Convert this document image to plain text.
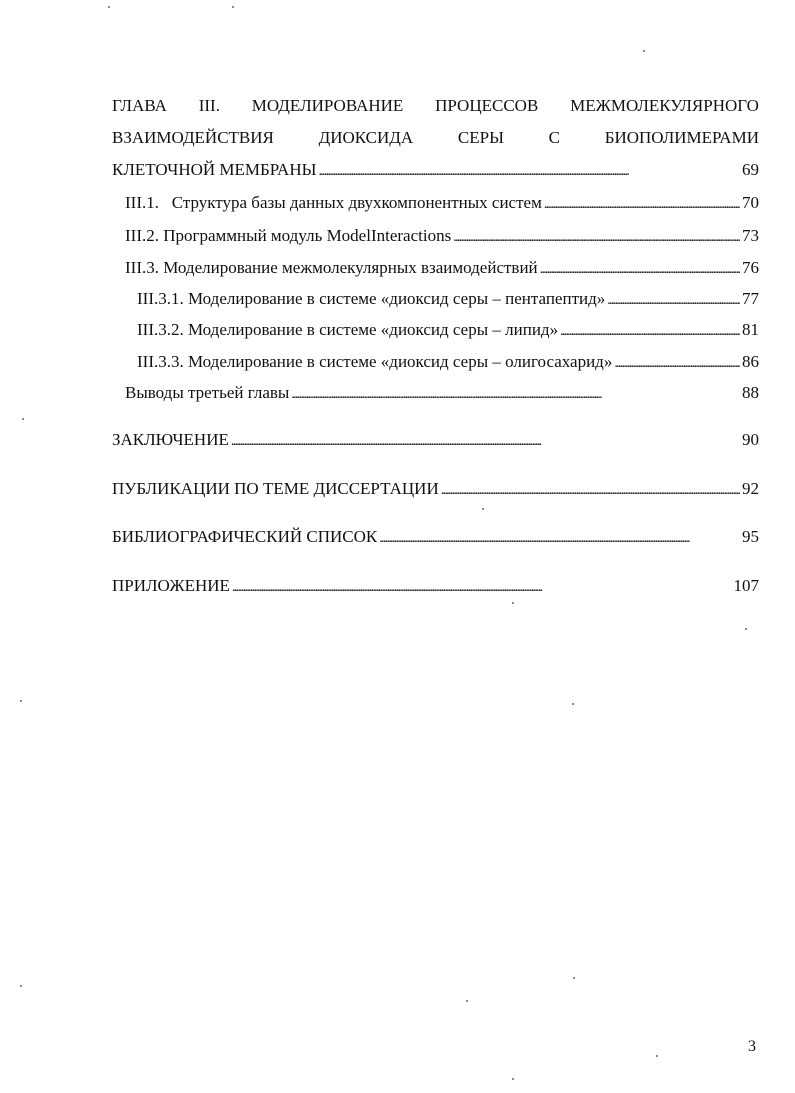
ГЛАВА III. МОДЕЛИРОВАНИЕ ПРОЦЕССОВ МЕЖМОЛЕКУЛЯРНОГО
ВЗАИМОДЕЙСТВИЯ	ДИОКСИДА	СЕРЫ	С	БИОПОЛИМЕРАМИ
КЛЕТОЧНОЙ МЕМБРАНЫ . . .	69
III.1.   Структура базы данных двухкомпонентных систем . . .	70
III.2. Программный модуль ModelInteractions . . .	73
III.3. Моделирование межмолекулярных взаимодействий . . .	76
III.3.1. Моделирование в системе «диоксид серы – пентапептид» . . .	77
III.3.2. Моделирование в системе «диоксид серы – липид» . . .	81
III.3.3. Моделирование в системе «диоксид серы – олигосахарид» . . .	86
Выводы третьей главы . . .	88
ЗАКЛЮЧЕНИЕ . . .	90
ПУБЛИКАЦИИ ПО ТЕМЕ ДИССЕРТАЦИИ . . .	92
БИБЛИОГРАФИЧЕСКИЙ СПИСОК . . .	95
ПРИЛОЖЕНИЕ . . .	107
3
